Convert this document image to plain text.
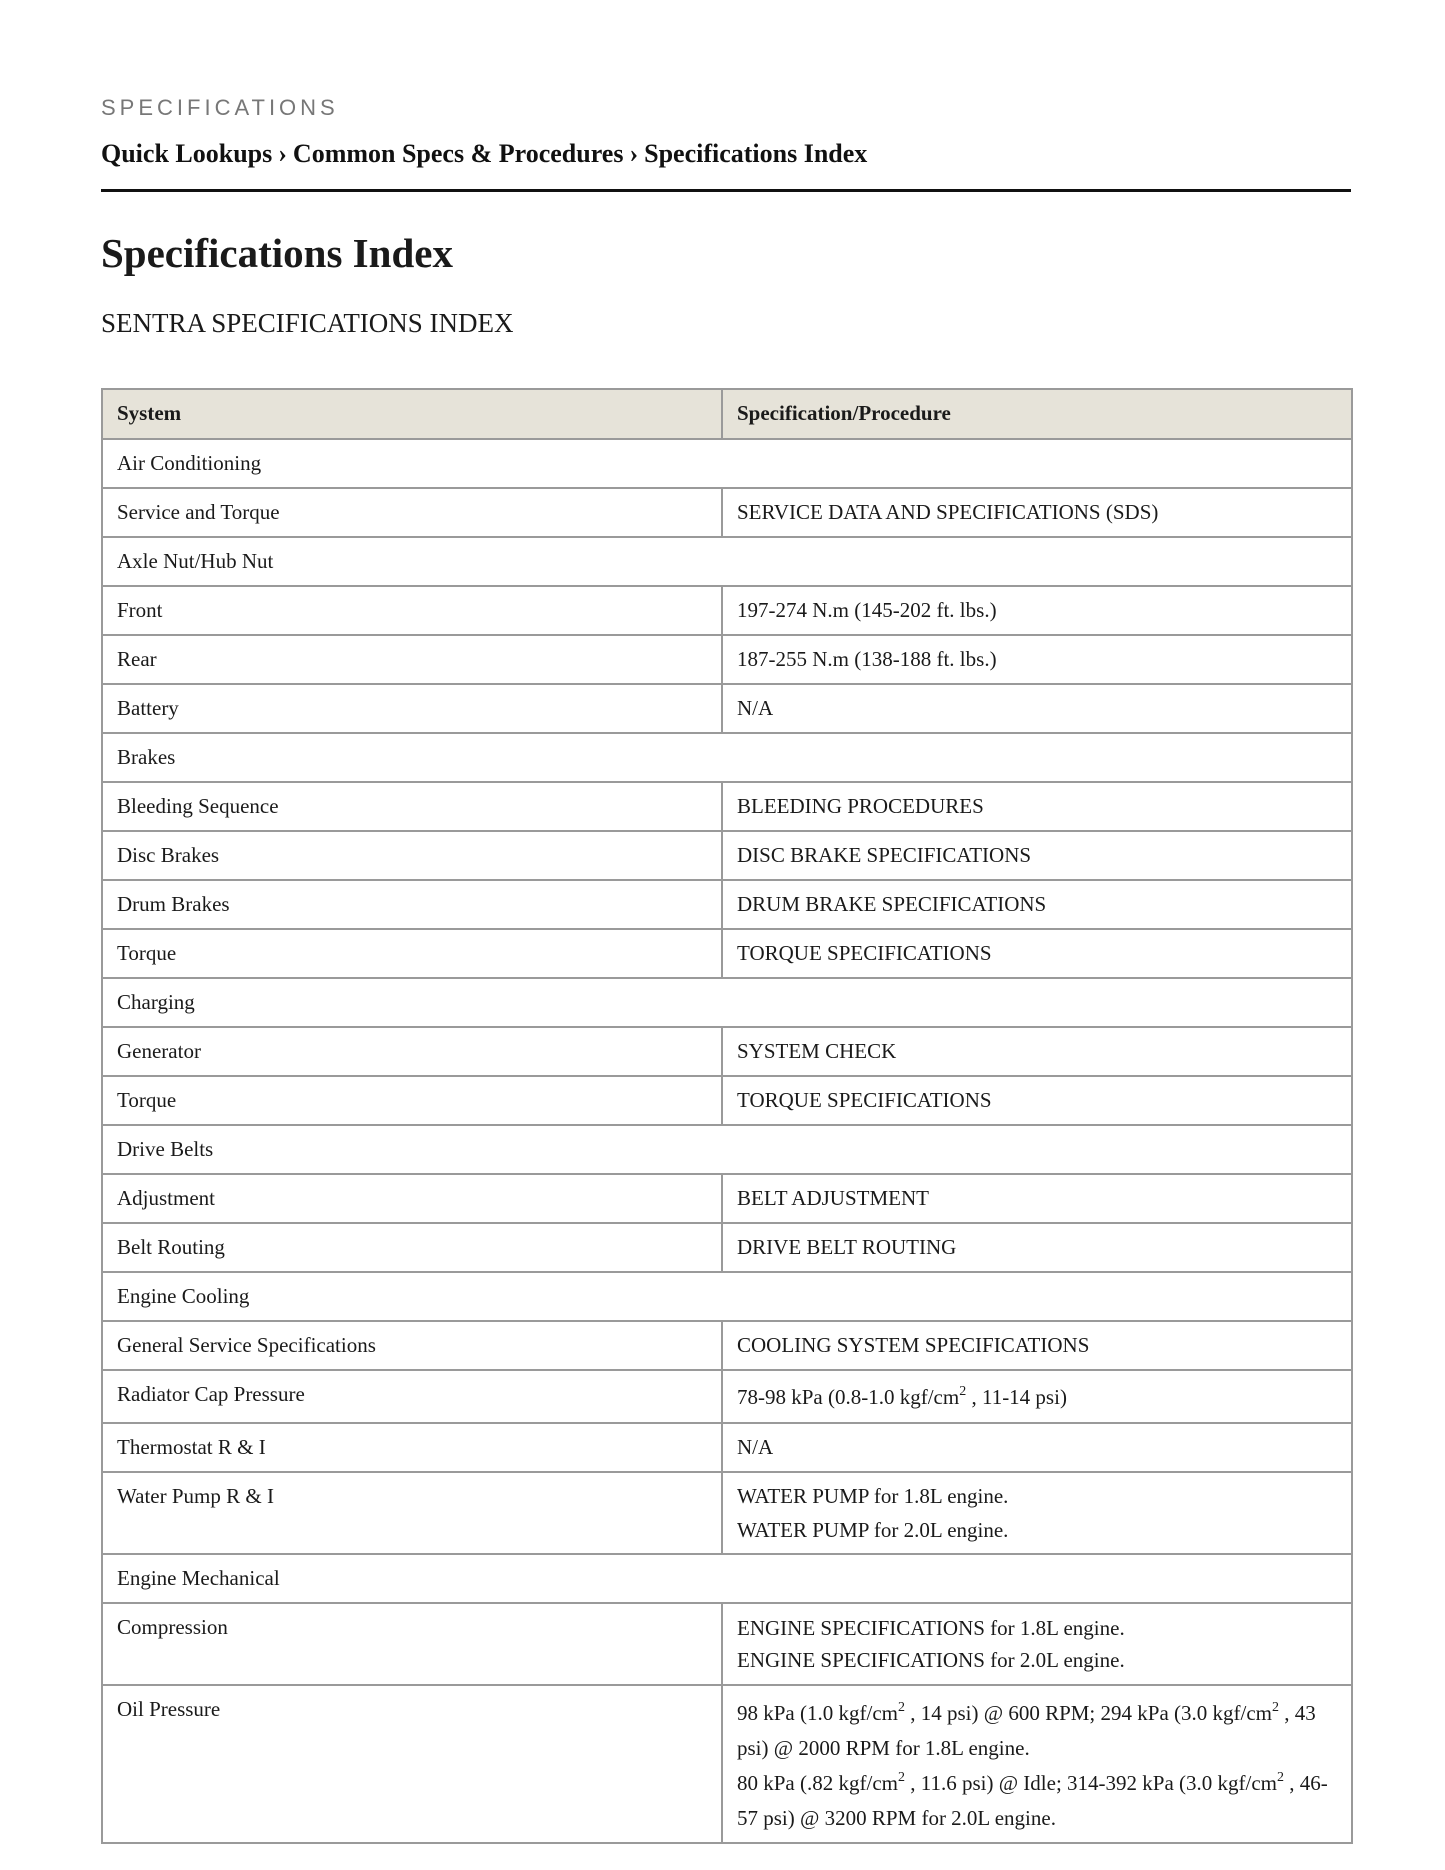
SPECIFICATIONS
Quick Lookups › Common Specs & Procedures › Specifications Index
Specifications Index
SENTRA SPECIFICATIONS INDEX
System	Specification/Procedure
Air Conditioning	
Service and Torque	SERVICE DATA AND SPECIFICATIONS (SDS)
Axle Nut/Hub Nut	
Front	197-274 N.m (145-202 ft. lbs.)
Rear	187-255 N.m (138-188 ft. lbs.)
Battery	N/A
Brakes	
Bleeding Sequence	BLEEDING PROCEDURES
Disc Brakes	DISC BRAKE SPECIFICATIONS
Drum Brakes	DRUM BRAKE SPECIFICATIONS
Torque	TORQUE SPECIFICATIONS
Charging	
Generator	SYSTEM CHECK
Torque	TORQUE SPECIFICATIONS
Drive Belts	
Adjustment	BELT ADJUSTMENT
Belt Routing	DRIVE BELT ROUTING
Engine Cooling	
General Service Specifications	COOLING SYSTEM SPECIFICATIONS
Radiator Cap Pressure	78-98 kPa (0.8-1.0 kgf/$cm^2$ , 11-14 psi)
Thermostat R & I	N/A
Water Pump R & I	WATER PUMP for 1.8L engine.
WATER PUMP for 2.0L engine.

Engine Mechanical	
Compression	ENGINE SPECIFICATIONS for 1.8L engine.
ENGINE SPECIFICATIONS for 2.0L engine.

Oil Pressure	98 kPa (1.0 kgf/$cm^2$ , 14 psi) @ 600 RPM; 294 kPa (3.0 kgf/$cm^2$ , 43 psi) @ 2000 RPM for 1.8L engine.
80 kPa (.82 kgf/$cm^2$ , 11.6 psi) @ Idle; 314-392 kPa (3.0 kgf/$cm^2$ , 46-57 psi) @ 3200 RPM for 2.0L engine.
